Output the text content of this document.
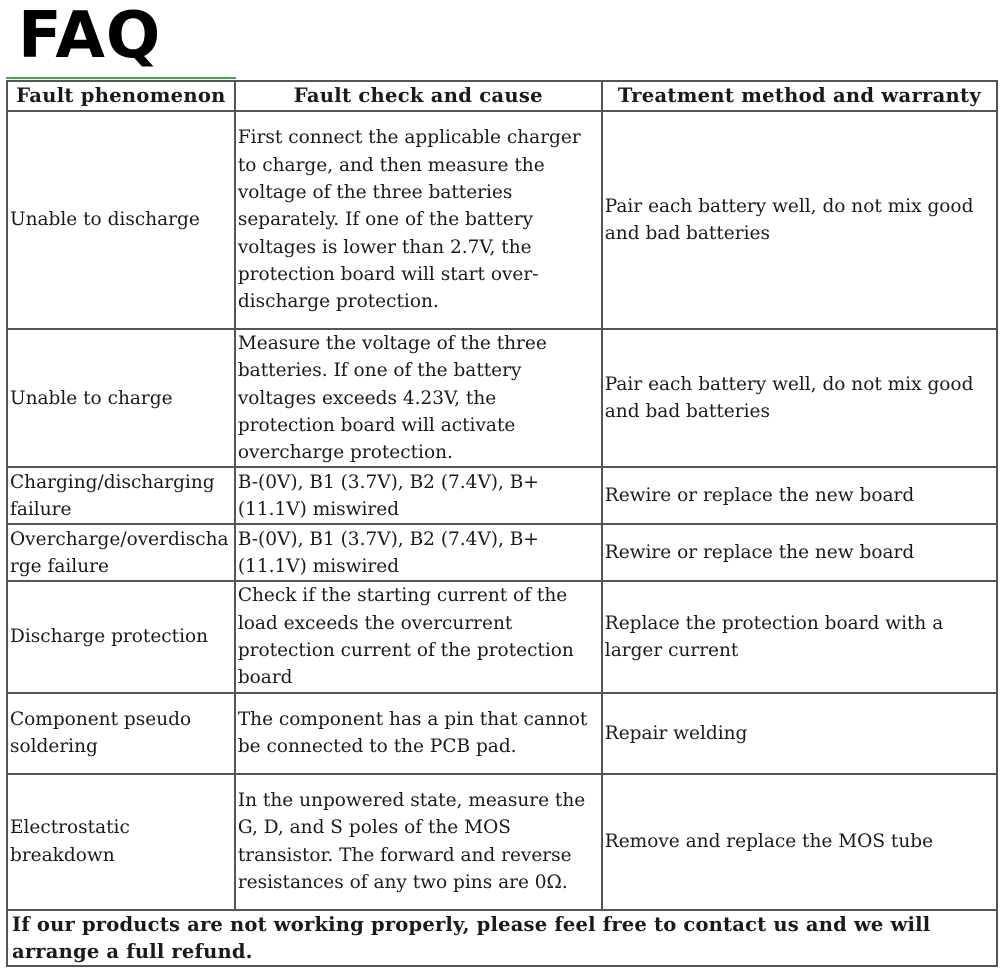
FAQ
Fault phenomenon	Fault check and cause	Treatment method and warranty
Unable to discharge	First connect the applicable charger to charge, and then measure the voltage of the three batteries separately. If one of the battery voltages is lower than 2.7V, the protection board will start over-discharge protection.	Pair each battery well, do not mix good and bad batteries
Unable to charge	Measure the voltage of the three batteries. If one of the battery voltages exceeds 4.23V, the protection board will activate overcharge protection.	Pair each battery well, do not mix good and bad batteries
Charging/discharging failure	B-(0V), B1 (3.7V), B2 (7.4V), B+ (11.1V) miswired	Rewire or replace the new board
Overcharge/overdischarge failure	B-(0V), B1 (3.7V), B2 (7.4V), B+ (11.1V) miswired	Rewire or replace the new board
Discharge protection	Check if the starting current of the load exceeds the overcurrent protection current of the protection board	Replace the protection board with a larger current
Component pseudo soldering	The component has a pin that cannot be connected to the PCB pad.	Repair welding
Electrostatic breakdown	In the unpowered state, measure the G, D, and S poles of the MOS transistor. The forward and reverse resistances of any two pins are 0Ω.	Remove and replace the MOS tube
If our products are not working properly, please feel free to contact us and we will arrange a full refund.		
